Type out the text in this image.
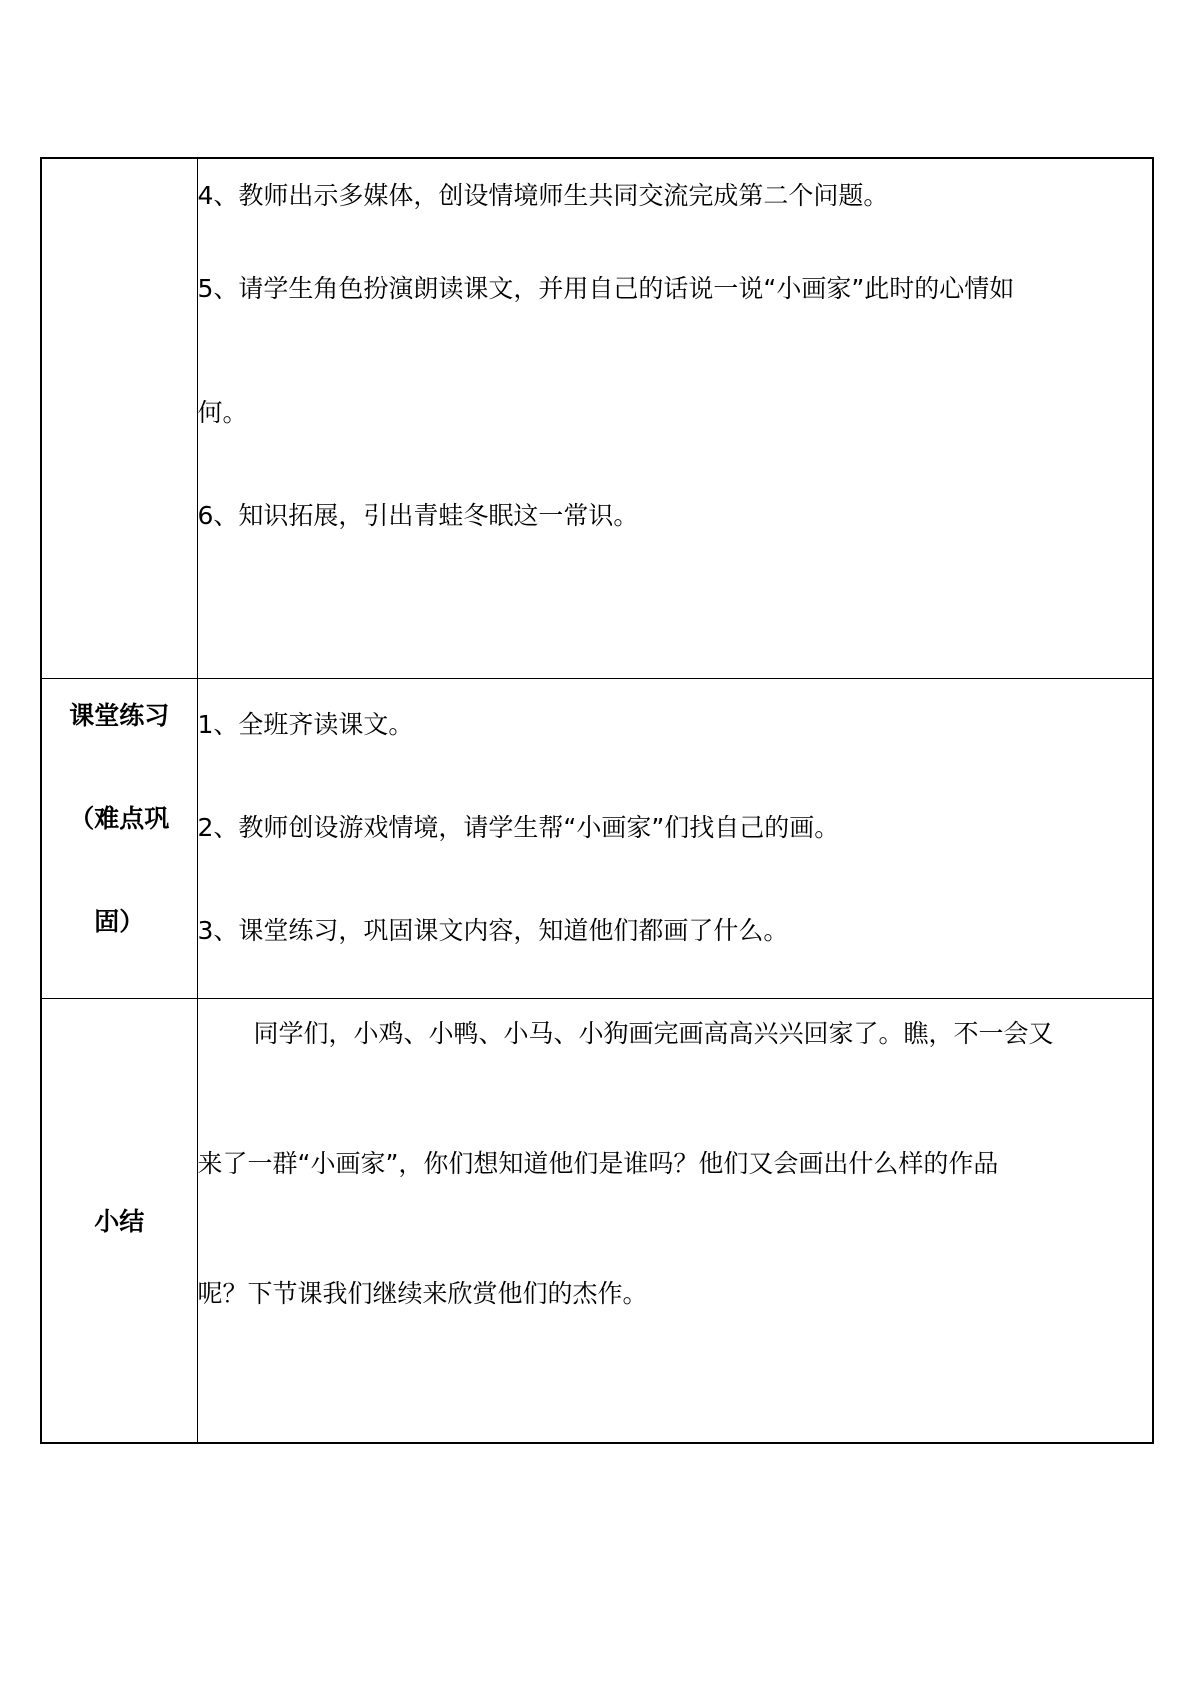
	4、教师出示多媒体，创设情境师生共同交流完成第二个问题。
5、请学生角色扮演朗读课文，并用自己的话说一说“小画家”此时的心情如
何。
6、知识拓展，引出青蛙冬眠这一常识。

课堂练习
（难点巩
固）	1、全班齐读课文。
2、教师创设游戏情境，请学生帮“小画家”们找自己的画。
3、课堂练习，巩固课文内容，知道他们都画了什么。

小结	同学们，小鸡、小鸭、小马、小狗画完画高高兴兴回家了。瞧，不一会又
来了一群“小画家”，你们想知道他们是谁吗？他们又会画出什么样的作品
呢？下节课我们继续来欣赏他们的杰作。
